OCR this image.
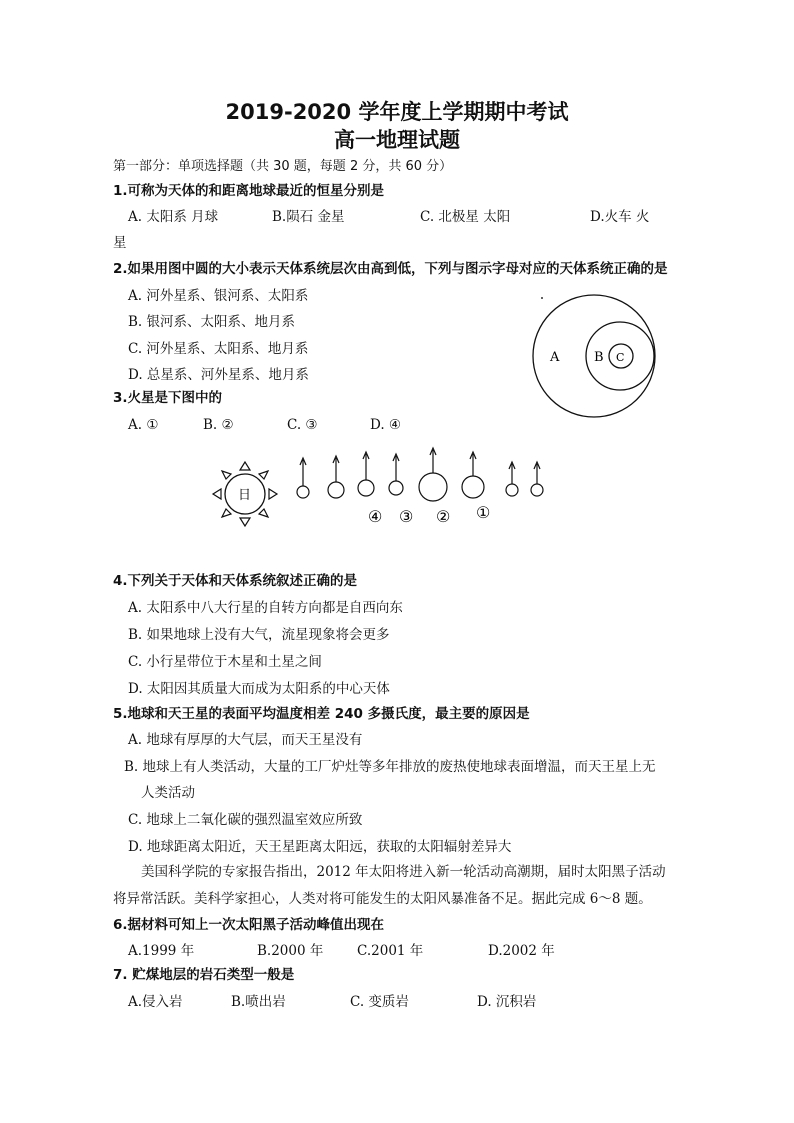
2019-2020 学年度上学期期中考试
高一地理试题
第一部分：单项选择题（共 30 题，每题 2 分，共 60 分）
1.可称为天体的和距离地球最近的恒星分别是
A. 太阳系 月球	B.陨石 金星	C. 北极星 太阳	D.火车 火
星
2.如果用图中圆的大小表示天体系统层次由高到低，下列与图示字母对应的天体系统正确的是
A. 河外星系、银河系、太阳系
B. 银河系、太阳系、地月系
C. 河外星系、太阳系、地月系
D. 总星系、河外星系、地月系
A	B C
3.火星是下图中的
A. ①	B. ②	C. ③	D. ④
日
④ ③ ② ①
4.下列关于天体和天体系统叙述正确的是
A. 太阳系中八大行星的自转方向都是自西向东
B. 如果地球上没有大气，流星现象将会更多
C. 小行星带位于木星和土星之间
D. 太阳因其质量大而成为太阳系的中心天体
5.地球和天王星的表面平均温度相差 240 多摄氏度，最主要的原因是
A. 地球有厚厚的大气层，而天王星没有
B. 地球上有人类活动，大量的工厂炉灶等多年排放的废热使地球表面增温，而天王星上无
人类活动
C. 地球上二氧化碳的强烈温室效应所致
D. 地球距离太阳近，天王星距离太阳远，获取的太阳辐射差异大
美国科学院的专家报告指出，2012 年太阳将进入新一轮活动高潮期，届时太阳黑子活动
将异常活跃。美科学家担心，人类对将可能发生的太阳风暴准备不足。据此完成 6～8 题。
6.据材料可知上一次太阳黑子活动峰值出现在
A.1999 年	B.2000 年 C.2001 年	D.2002 年
7. 贮煤地层的岩石类型一般是
A.侵入岩	B.喷出岩	C. 变质岩	D. 沉积岩
